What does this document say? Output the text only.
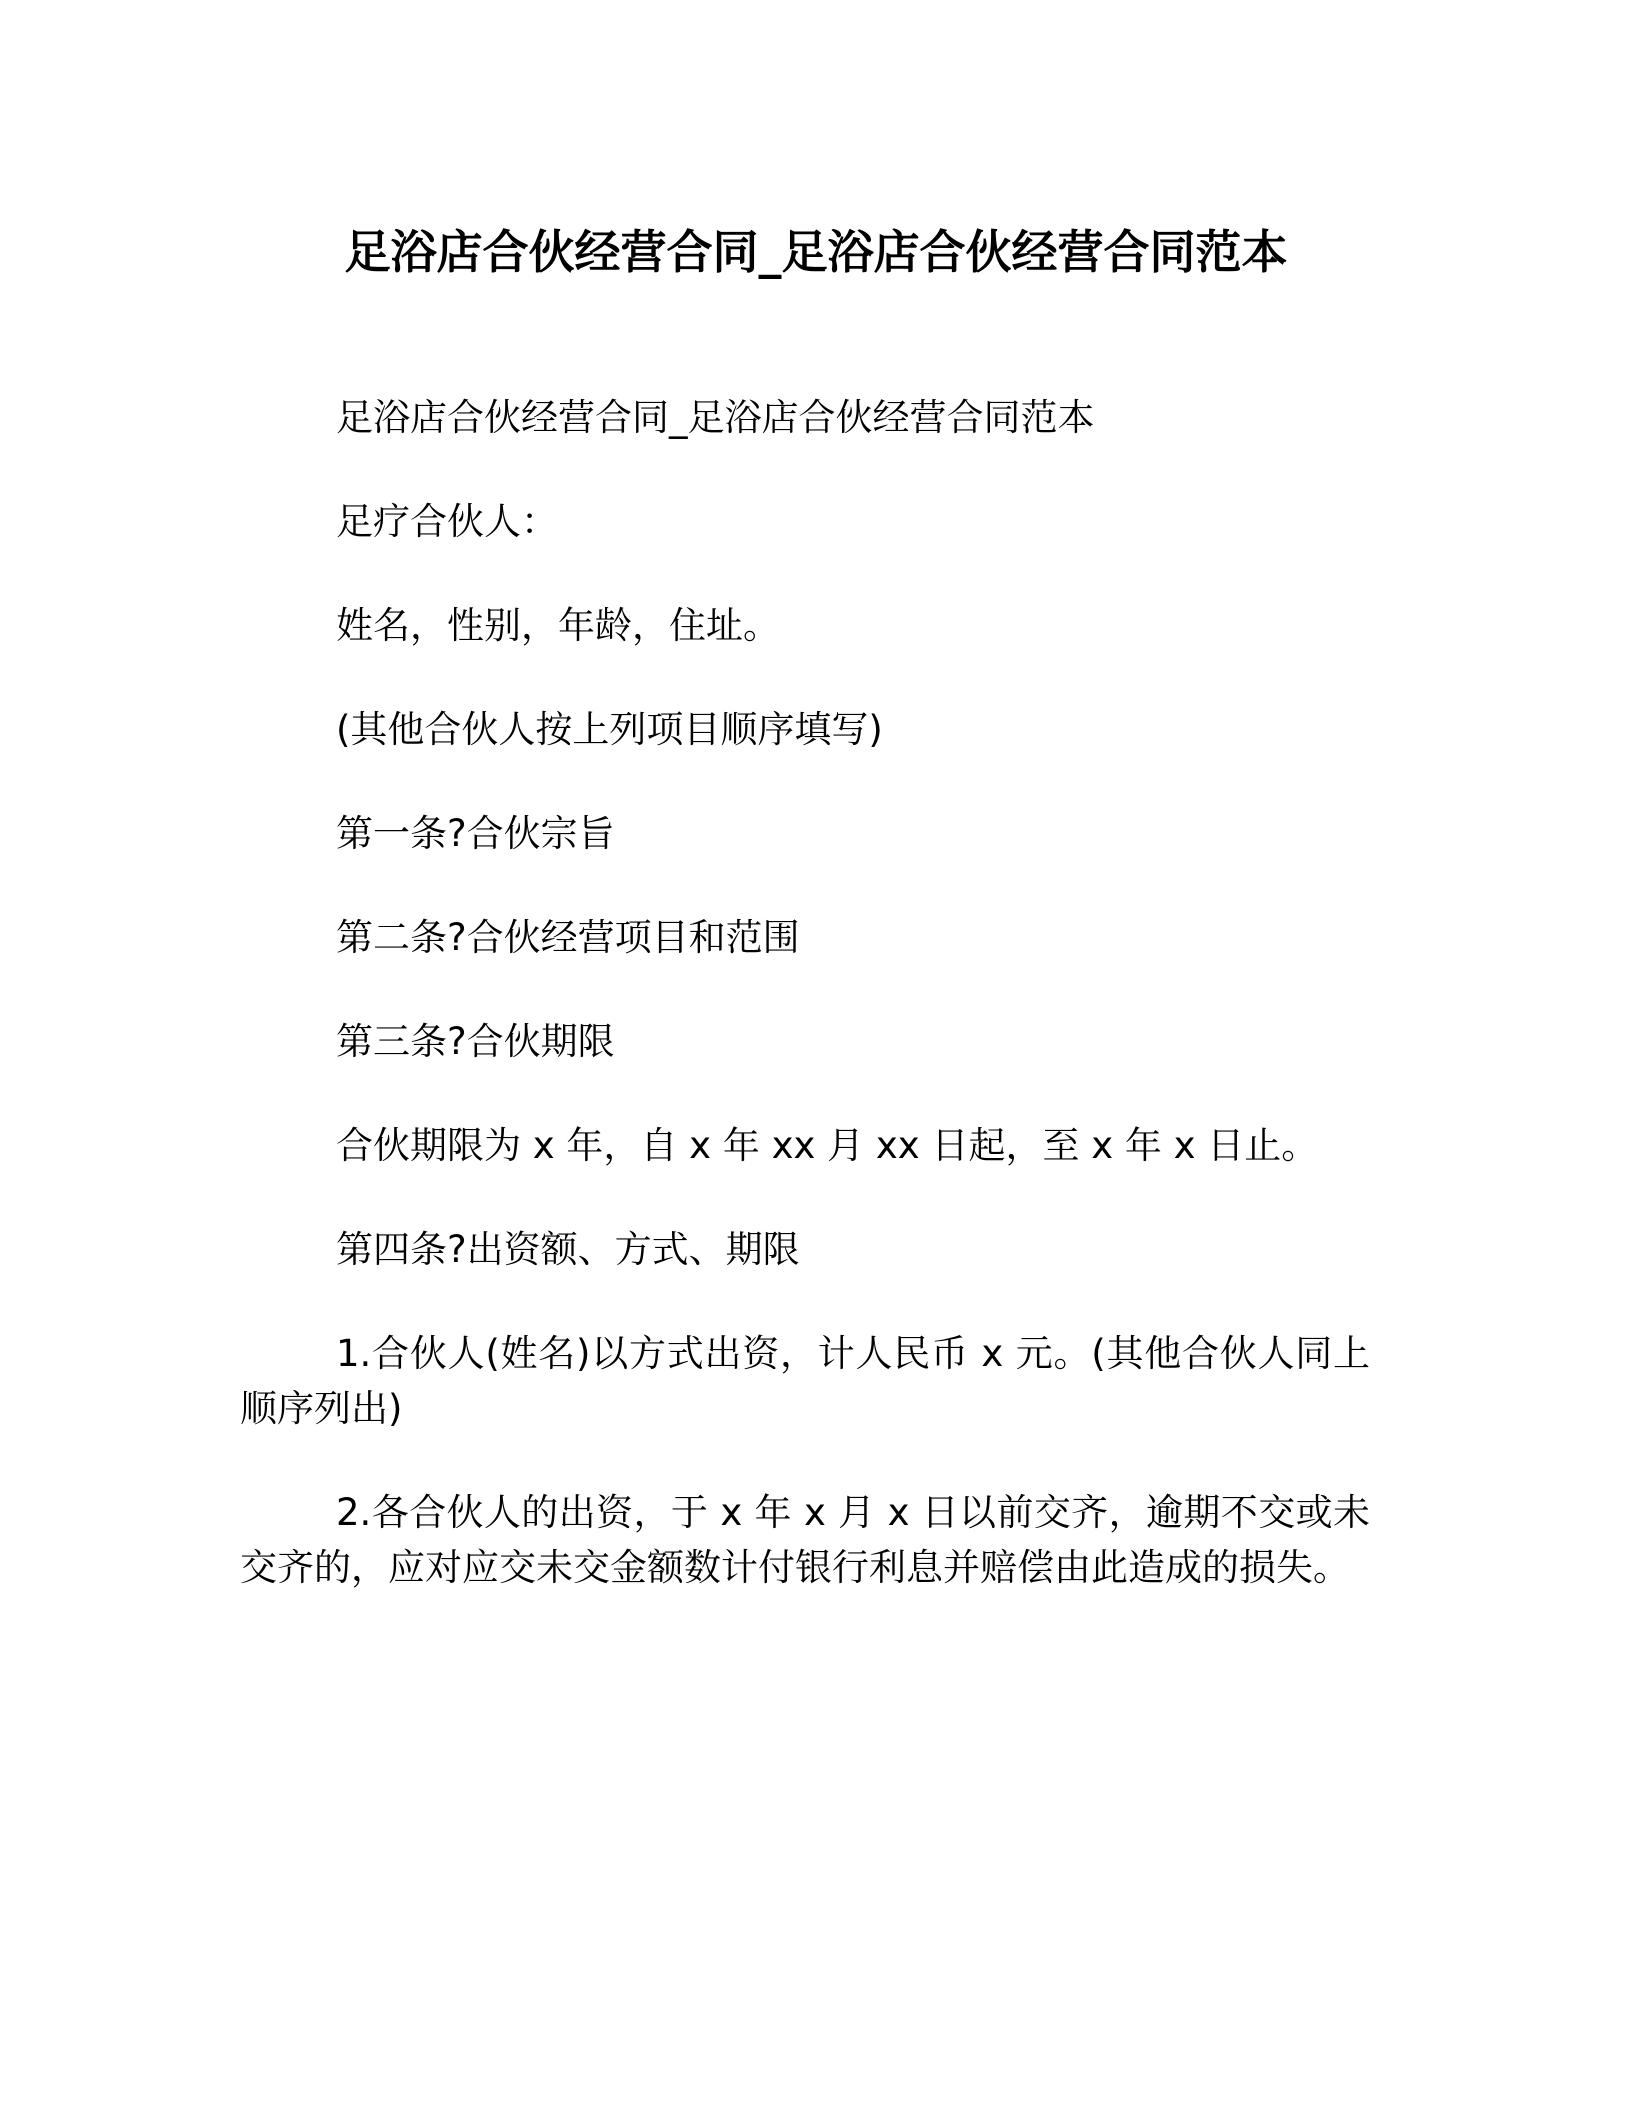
足浴店合伙经营合同_足浴店合伙经营合同范本

足浴店合伙经营合同_足浴店合伙经营合同范本

足疗合伙人：

姓名，性别，年龄，住址。

(其他合伙人按上列项目顺序填写)

第一条?合伙宗旨

第二条?合伙经营项目和范围

第三条?合伙期限

合伙期限为 x 年，自 x 年 xx 月 xx 日起，至 x 年 x 日止。

第四条?出资额、方式、期限

1.合伙人(姓名)以方式出资，计人民币 x 元。(其他合伙人同上顺序列出)

2.各合伙人的出资，于 x 年 x 月 x 日以前交齐，逾期不交或未交齐的，应对应交未交金额数计付银行利息并赔偿由此造成的损失。
